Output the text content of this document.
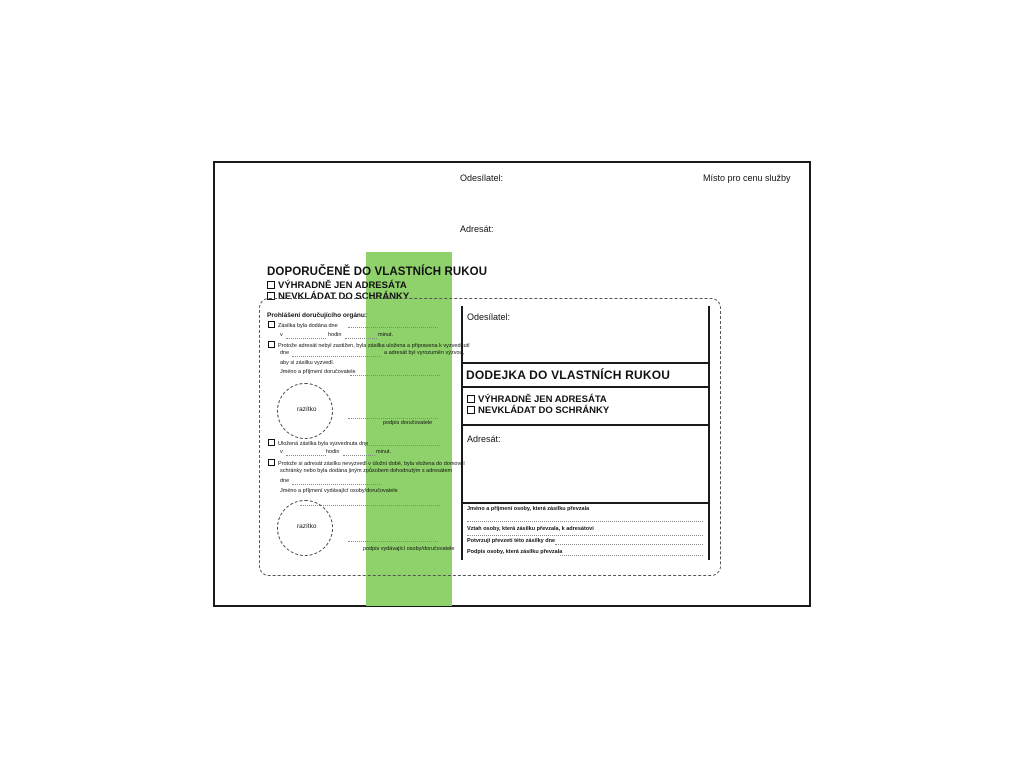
Odesílatel:	Místo pro cenu služby
Adresát:
DOPORUČENĚ DO VLASTNÍCH RUKOU
VÝHRADNĚ JEN ADRESÁTA
NEVKLÁDAT DO SCHRÁNKY
Prohlášení doručujícího orgánu:
Zásilka byla dodána dne
v	hodin	minut.
Protože adresát nebyl zastižen, byla zásilka uložena a připravena k vyzvednutí
dne	a adresát byl vyrozuměn výzvou,
aby si zásilku vyzvedl.
Jméno a příjmení doručovatele
razítko
podpis doručovatele
Uložená zásilka byla vyzvednuta dne
v	hodin	minut.
Protože si adresát zásilku nevyzvedl v úložní době, byla vložena do domovní
schránky nebo byla dodána jiným způsobem dohodnutým s adresátem
dne
Jméno a příjmení vydávající osoby/doručovatele
razítko
podpis vydávající osoby/doručovatele
Odesílatel:
DODEJKA DO VLASTNÍCH RUKOU
VÝHRADNĚ JEN ADRESÁTA
NEVKLÁDAT DO SCHRÁNKY
Adresát:
Jméno a příjmení osoby, která zásilku převzala
Vztah osoby, která zásilku převzala, k adresátovi
Potvrzuji převzetí této zásilky dne
Podpis osoby, která zásilku převzala
